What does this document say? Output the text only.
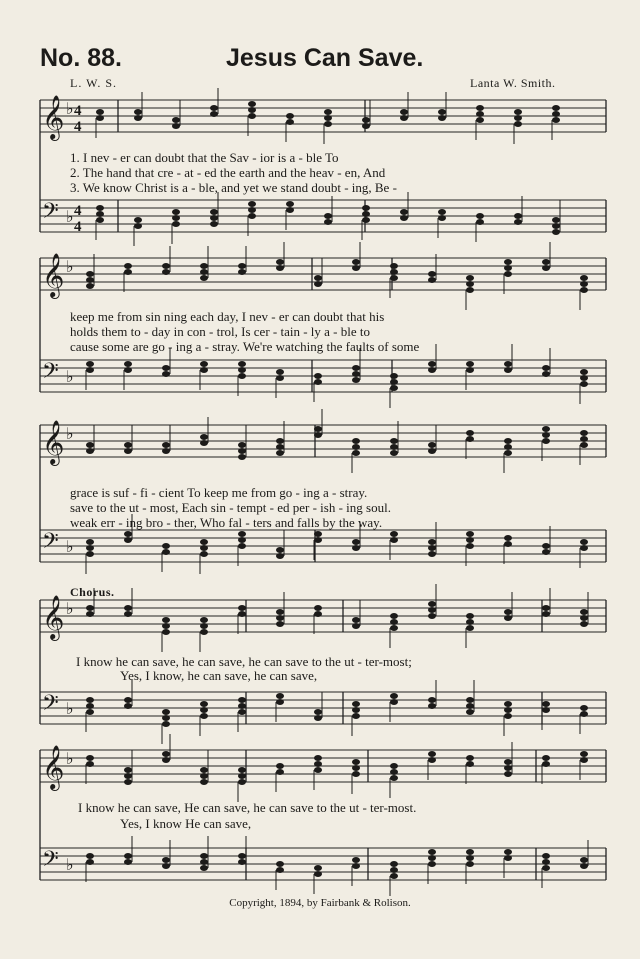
No. 88.	Jesus Can Save.
L. W. S.	Lanta W. Smith.
𝄞 ♭ 4
4
𝄢 ♭ 4
4
𝄞 ♭
𝄢 ♭
𝄞 ♭
𝄢 ♭
𝄞 ♭
𝄢 ♭
𝄞 ♭
𝄢 ♭
1. I nev - er can doubt that the Sav - ior is a - ble To
2. The hand that cre - at - ed the earth and the heav - en, And
3. We know Christ is a - ble, and yet we stand doubt - ing, Be -
keep me from sin ning each day, I nev - er can doubt that his
holds them to - day in con - trol, Is cer - tain - ly a - ble to
cause some are go - ing a - stray. We're watching the faults of some
grace is suf - fi - cient To keep me from go - ing a - stray.
save to the ut - most, Each sin - tempt - ed per - ish - ing soul.
weak err - ing bro - ther, Who fal - ters and falls by the way.
Chorus.
I know he can save, he can save, he can save to the ut - ter-most;
Yes, I know, he can save, he can save,
I know he can save, He can save, he can save to the ut - ter-most.
Yes, I know He can save,
Copyright, 1894, by Fairbank & Rolison.
